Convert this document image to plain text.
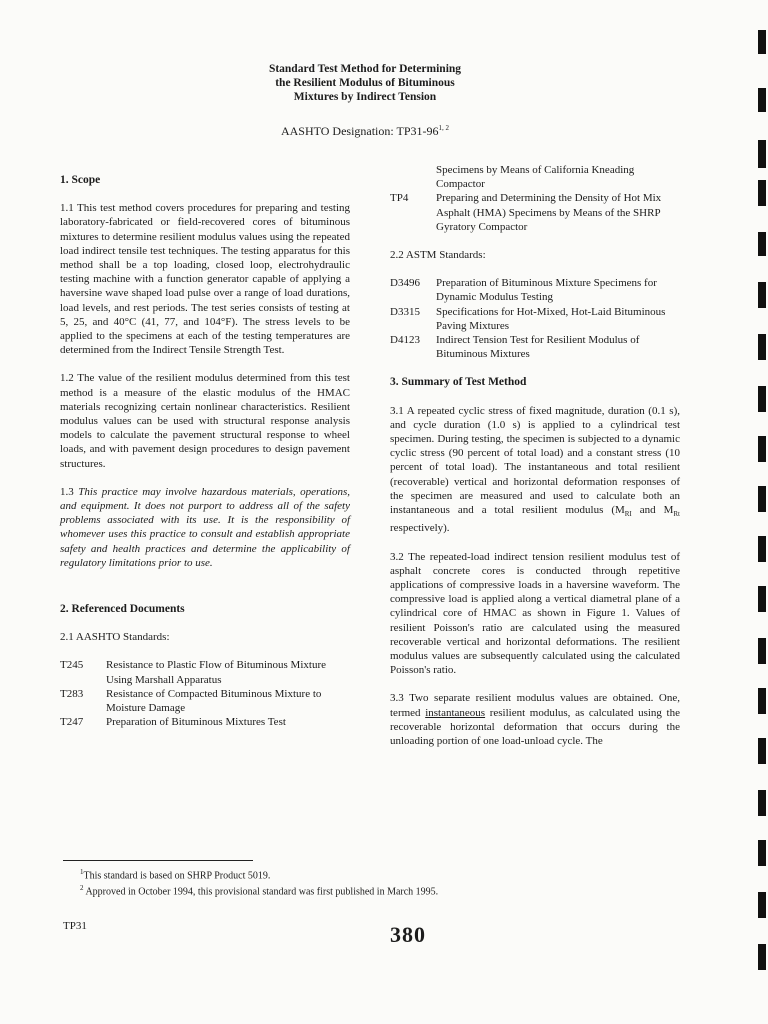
Standard Test Method for Determining
the Resilient Modulus of Bituminous
Mixtures by Indirect Tension
AASHTO Designation: TP31-96$^{1, 2}$
1. Scope

1.1 This test method covers procedures for preparing and testing laboratory-fabricated or field-recovered cores of bituminous mixtures to determine resilient modulus values using the repeated load indirect tensile test techniques. The testing apparatus for this method shall be a top loading, closed loop, electrohydraulic testing machine with a function generator capable of applying a haversine wave shaped load pulse over a range of load durations, load levels, and rest periods. The test series consists of testing at 5, 25, and 40°C (41, 77, and 104°F). The stress levels to be applied to the specimens at each of the testing temperatures are determined from the Indirect Tensile Strength Test.

1.2 The value of the resilient modulus determined from this test method is a measure of the elastic modulus of the HMAC materials recognizing certain nonlinear characteristics. Resilient modulus values can be used with structural response analysis models to calculate the pavement structural response to wheel loads, and with pavement design procedures to design pavement structures.

1.3 This practice may involve hazardous materials, operations, and equipment. It does not purport to address all of the safety problems associated with its use. It is the responsibility of whomever uses this practice to consult and establish appropriate safety and health practices and determine the applicability of regulatory limitations prior to use.

2. Referenced Documents
2.1 AASHTO Standards:
T245	Resistance to Plastic Flow of Bituminous Mixture Using Marshall Apparatus
T283	Resistance of Compacted Bituminous Mixture to Moisture Damage
T247	Preparation of Bituminous Mixtures Test
	Specimens by Means of California Kneading Compactor
TP4	Preparing and Determining the Density of Hot Mix Asphalt (HMA) Specimens by Means of the SHRP Gyratory Compactor
2.2 ASTM Standards:
D3496	Preparation of Bituminous Mixture Specimens for Dynamic Modulus Testing
D3315	Specifications for Hot-Mixed, Hot-Laid Bituminous Paving Mixtures
D4123	Indirect Tension Test for Resilient Modulus of Bituminous Mixtures
3. Summary of Test Method

3.1 A repeated cyclic stress of fixed magnitude, duration (0.1 s), and cycle duration (1.0 s) is applied to a cylindrical test specimen. During testing, the specimen is subjected to a dynamic cyclic stress (90 percent of total load) and a constant stress (10 percent of total load). The instantaneous and total resilient (recoverable) vertical and horizontal deformation responses of the specimen are measured and used to calculate both an instantaneous and a total resilient modulus ($M_{RI}$ and $M_{Rt}$ respectively).

3.2 The repeated-load indirect tension resilient modulus test of asphalt concrete cores is conducted through repetitive applications of compressive loads in a haversine waveform. The compressive load is applied along a vertical diametral plane of a cylindrical core of HMAC as shown in Figure 1. Values of resilient Poisson's ratio are calculated using the measured recoverable vertical and horizontal deformations. The resilient modulus values are subsequently calculated using the calculated Poisson's ratio.

3.3 Two separate resilient modulus values are obtained. One, termed instantaneous resilient modulus, as calculated using the recoverable horizontal deformation that occurs during the unloading portion of one load-unload cycle. The

$^1$This standard is based on SHRP Product 5019.
$^2$ Approved in October 1994, this provisional standard was first published in March 1995.
TP31	380
